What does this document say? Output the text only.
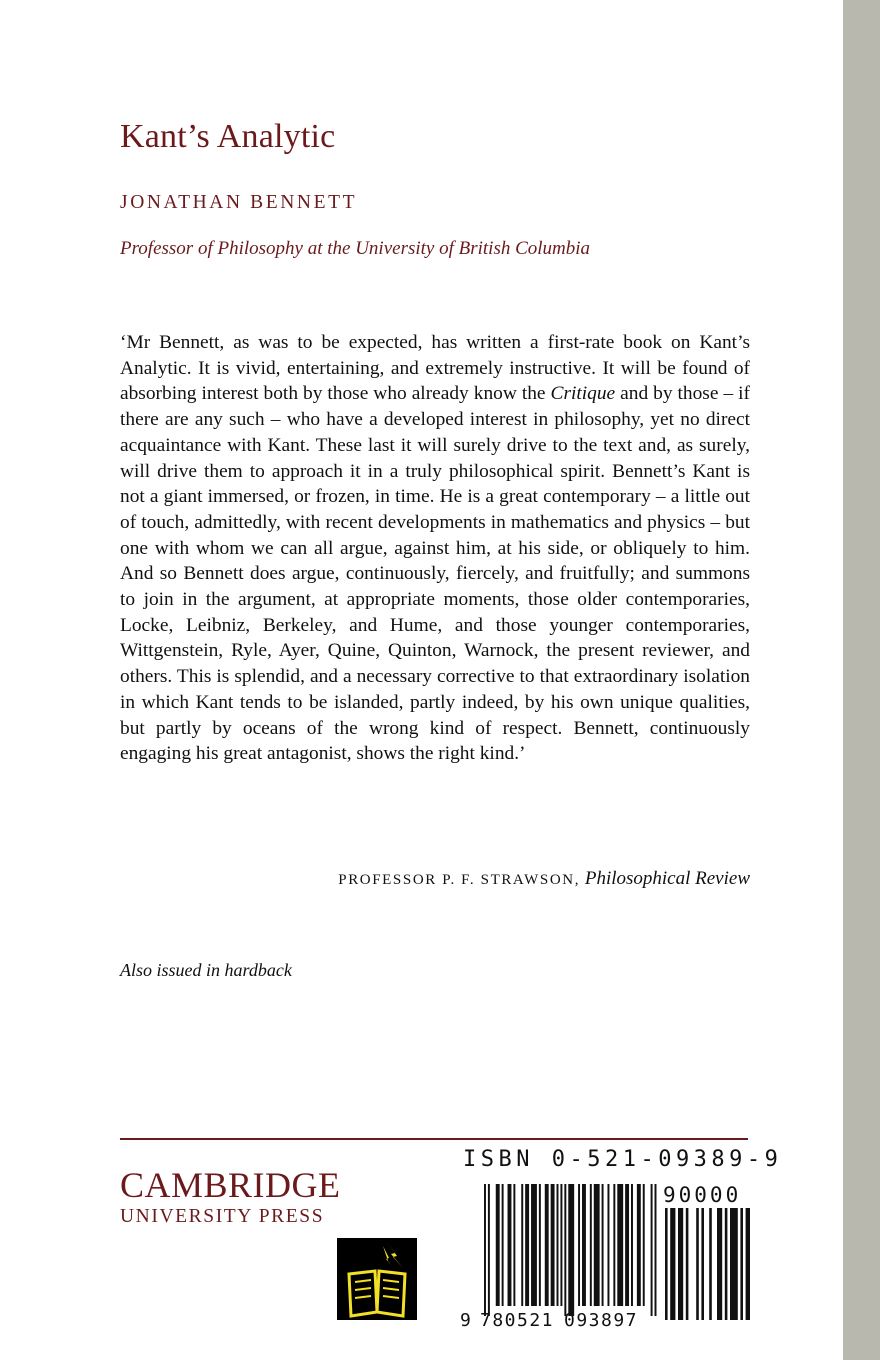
Kant’s Analytic
JONATHAN BENNETT
Professor of Philosophy at the University of British Columbia

‘Mr Bennett, as was to be expected, has written a first-rate book on Kant’s Analytic. It is vivid, entertaining, and extremely instructive. It will be found of absorbing interest both by those who already know the Critique and by those – if there are any such – who have a developed interest in philosophy, yet no direct acquaintance with Kant. These last it will surely drive to the text and, as surely, will drive them to approach it in a truly philosophical spirit. Bennett’s Kant is not a giant immersed, or frozen, in time. He is a great contemporary – a little out of touch, admittedly, with recent developments in mathematics and physics – but one with whom we can all argue, against him, at his side, or obliquely to him. And so Bennett does argue, continuously, fiercely, and fruitfully; and summons to join in the argument, at appropriate moments, those older contemporaries, Locke, Leibniz, Berkeley, and Hume, and those younger contemporaries, Wittgenstein, Ryle, Ayer, Quine, Quinton, Warnock, the present reviewer, and others. This is splendid, and a necessary corrective to that extraordinary isolation in which Kant tends to be islanded, partly indeed, by his own unique qualities, but partly by oceans of the wrong kind of respect. Bennett, continuously engaging his great antagonist, shows the right kind.’

PROFESSOR P. F. STRAWSON, Philosophical Review
Also issued in hardback
CAMBRIDGE
UNIVERSITY PRESS
ISBN 0-521-09389-9
90000
9 780521 093897
